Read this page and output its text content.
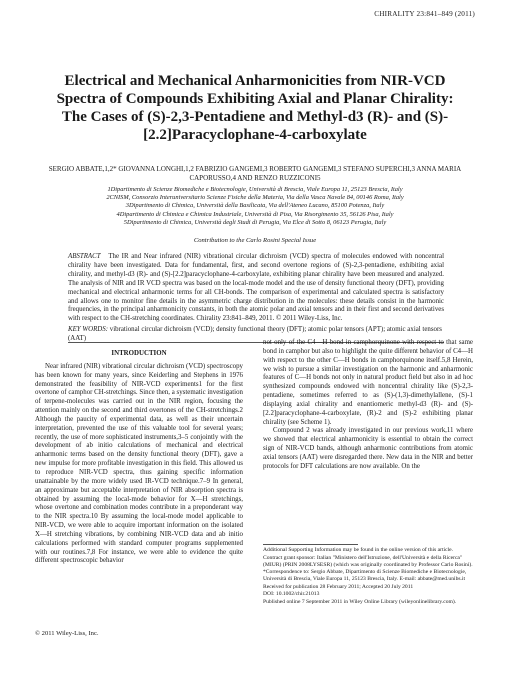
CHIRALITY 23:841–849 (2011)
Electrical and Mechanical Anharmonicities from NIR-VCD Spectra of Compounds Exhibiting Axial and Planar Chirality: The Cases of (S)-2,3-Pentadiene and Methyl-d3 (R)- and (S)-[2.2]Paracyclophane-4-carboxylate
SERGIO ABBATE,1,2* GIOVANNA LONGHI,1,2 FABRIZIO GANGEMI,3 ROBERTO GANGEMI,3 STEFANO SUPERCHI,3 ANNA MARIA CAPORUSSO,4 AND RENZO RUZZICONI5
1Dipartimento di Scienze Biomediche e Biotecnologie, Università di Brescia, Viale Europa 11, 25123 Brescia, Italy
2CNISM, Consorzio Interuniversitario Scienze Fisiche della Materia, Via della Vasca Navale 84, 00146 Roma, Italy
3Dipartimento di Chimica, Università della Basilicata, Via dell'Ateneo Lucano, 85100 Potenza, Italy
4Dipartimento di Chimica e Chimica Industriale, Università di Pisa, Via Risorgimento 35, 56126 Pisa, Italy
5Dipartimento di Chimica, Università degli Studi di Perugia, Via Elce di Sotto 8, 06123 Perugia, Italy
Contribution to the Carlo Rosini Special Issue
ABSTRACT The IR and Near infrared (NIR) vibrational circular dichroism (VCD) spectra of molecules endowed with noncentral chirality have been investigated. Data for fundamental, first, and second overtone regions of (S)-2,3-pentadiene, exhibiting axial chirality, and methyl-d3 (R)- and (S)-[2.2]paracyclophane-4-carboxylate, exhibiting planar chirality have been measured and analyzed. The analysis of NIR and IR VCD spectra was based on the local-mode model and the use of density functional theory (DFT), providing mechanical and electrical anharmonic terms for all CH-bonds. The comparison of experimental and calculated spectra is satisfactory and allows one to monitor fine details in the asymmetric charge distribution in the molecules: these details consist in the harmonic frequencies, in the principal anharmonicity constants, in both the atomic polar and axial tensors and in their first and second derivatives with respect to the CH-stretching coordinates. Chirality 23:841–849, 2011. © 2011 Wiley-Liss, Inc.
KEY WORDS: vibrational circular dichroism (VCD); density functional theory (DFT); atomic polar tensors (APT); atomic axial tensors (AAT)
INTRODUCTION

Near infrared (NIR) vibrational circular dichroism (VCD) spectroscopy has been known for many years, since Keiderling and Stephens in 1976 demonstrated the feasibility of NIR-VCD experiments1 for the first overtone of camphor CH-stretchings. Since then, a systematic investigation of terpene-molecules was carried out in the NIR region, focusing the attention mainly on the second and third overtones of the CH-stretchings.2 Although the paucity of experimental data, as well as their uncertain interpretation, prevented the use of this valuable tool for several years; recently, the use of more sophisticated instruments,3–5 conjointly with the development of ab initio calculations of mechanical and electrical anharmonic terms based on the density functional theory (DFT), gave a new impulse for more profitable investigation in this field. This allowed us to reproduce NIR-VCD spectra, thus gaining specific information unattainable by the more widely used IR-VCD technique.7–9 In general, an approximate but acceptable interpretation of NIR absorption spectra is obtained by assuming the local-mode behavior for X—H stretchings, whose overtone and combination modes contribute in a preponderant way to the NIR spectra.10 By assuming the local-mode model applicable to NIR-VCD, we were able to acquire important information on the isolated X—H stretching vibrations, by combining NIR-VCD data and ab initio calculations performed with standard computer programs supplemented with our routines.7,8 For instance, we were able to evidence the quite different spectroscopic behavior

not only of the C4—H bond in camphorquinone with respect to that same bond in camphor but also to highlight the quite different behavior of C4—H with respect to the other C—H bonds in camphorquinone itself.5,8 Herein, we wish to pursue a similar investigation on the harmonic and anharmonic features of C—H bonds not only in natural product field but also in ad hoc synthesized compounds endowed with noncentral chirality like (S)-2,3-pentadiene, sometimes referred to as (S)-(1,3)-dimethylallene, (S)-1 displaying axial chirality and enantiomeric methyl-d3 (R)- and (S)-[2.2]paracyclophane-4-carboxylate, (R)-2 and (S)-2 exhibiting planar chirality (see Scheme 1).

Compound 2 was already investigated in our previous work,11 where we showed that electrical anharmonicity is essential to obtain the correct sign of NIR-VCD bands, although anharmonic contributions from atomic axial tensors (AAT) were disregarded there. New data in the NIR and better protocols for DFT calculations are now available. On the

Additional Supporting Information may be found in the online version of this article.
Contract grant sponsor: Italian "Ministero dell'Istruzione, dell'Università e della Ricerca" (MIUR) (PRIN 2008LYSESR) (which was originally coordinated by Professor Carlo Rosini).
*Correspondence to: Sergio Abbate, Dipartimento di Scienze Biomediche e Biotecnologie, Università di Brescia, Viale Europa 11, 25123 Brescia, Italy. E-mail: abbate@med.unibs.it
Received for publication 28 February 2011; Accepted 20 July 2011
DOI: 10.1002/chir.21013
Published online 7 September 2011 in Wiley Online Library (wileyonlinelibrary.com).
© 2011 Wiley-Liss, Inc.
